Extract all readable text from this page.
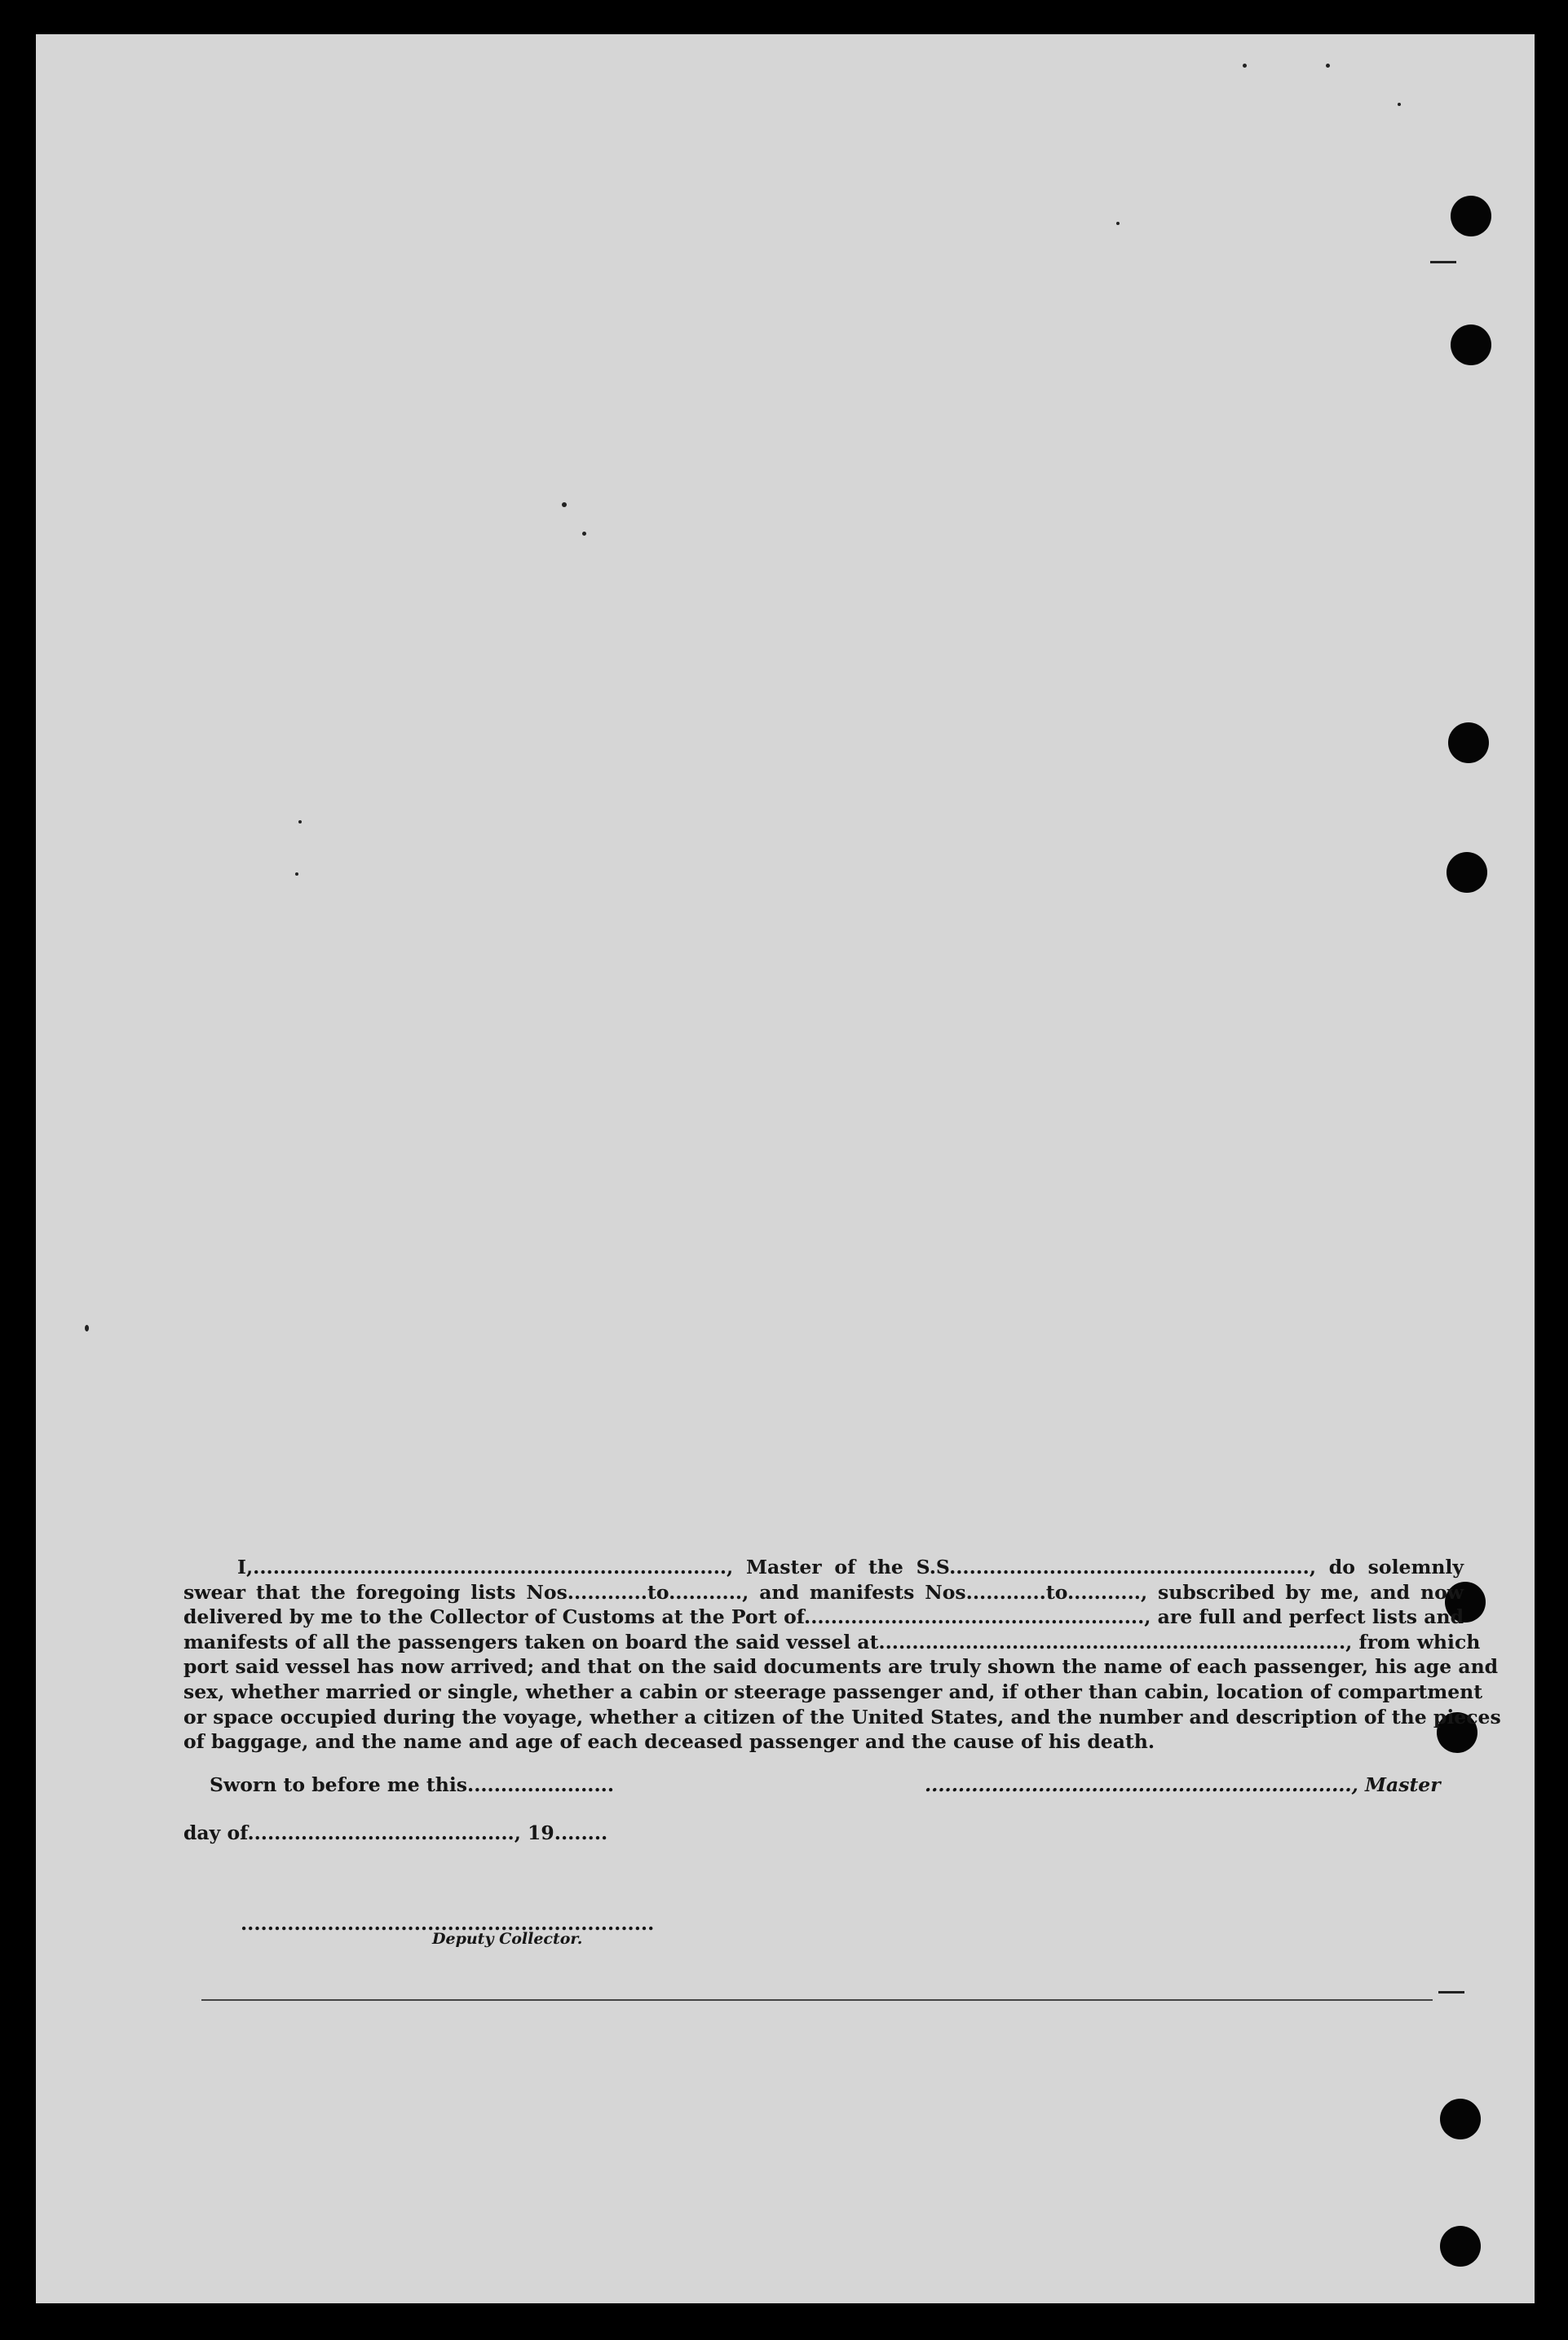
I,......................................................................., Master of the S.S......................................................, do solemnly
swear that the foregoing lists Nos............to..........., and manifests Nos............to..........., subscribed by me, and now
delivered by me to the Collector of Customs at the Port of..................................................., are full and perfect lists and
manifests of all the passengers taken on board the said vessel at......................................................................, from which
port said vessel has now arrived; and that on the said documents are truly shown the name of each passenger, his age and
sex, whether married or single, whether a cabin or steerage passenger and, if other than cabin, location of compartment
or space occupied during the voyage, whether a citizen of the United States, and the number and description of the pieces
of baggage, and the name and age of each deceased passenger and the cause of his death.
Sworn to before me this......................	................................................................, Master
day of........................................, 19........
..............................................................
Deputy Collector.
